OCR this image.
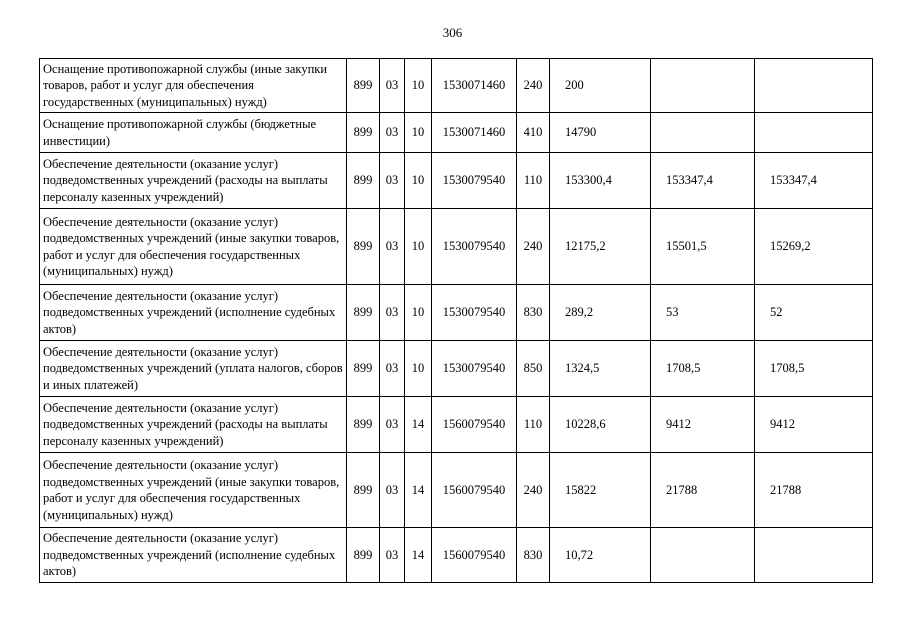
306
Оснащение противопожарной службы (иные закупки товаров, работ и услуг для обеспечения государственных (муниципальных) нужд)	899	03	10	1530071460	240	200		
Оснащение противопожарной службы (бюджетные инвестиции)	899	03	10	1530071460	410	14790		
Обеспечение деятельности (оказание услуг) подведомственных учреждений (расходы на выплаты персоналу казенных учреждений)	899	03	10	1530079540	110	153300,4	153347,4	153347,4
Обеспечение деятельности (оказание услуг) подведомственных учреждений (иные закупки товаров, работ и услуг для обеспечения государственных (муниципальных) нужд)	899	03	10	1530079540	240	12175,2	15501,5	15269,2
Обеспечение деятельности (оказание услуг) подведомственных учреждений (исполнение судебных актов)	899	03	10	1530079540	830	289,2	53	52
Обеспечение деятельности (оказание услуг) подведомственных учреждений (уплата налогов, сборов и иных платежей)	899	03	10	1530079540	850	1324,5	1708,5	1708,5
Обеспечение деятельности (оказание услуг) подведомственных учреждений (расходы на выплаты персоналу казенных учреждений)	899	03	14	1560079540	110	10228,6	9412	9412
Обеспечение деятельности (оказание услуг) подведомственных учреждений (иные закупки товаров, работ и услуг для обеспечения государственных (муниципальных) нужд)	899	03	14	1560079540	240	15822	21788	21788
Обеспечение деятельности (оказание услуг) подведомственных учреждений (исполнение судебных актов)	899	03	14	1560079540	830	10,72		
